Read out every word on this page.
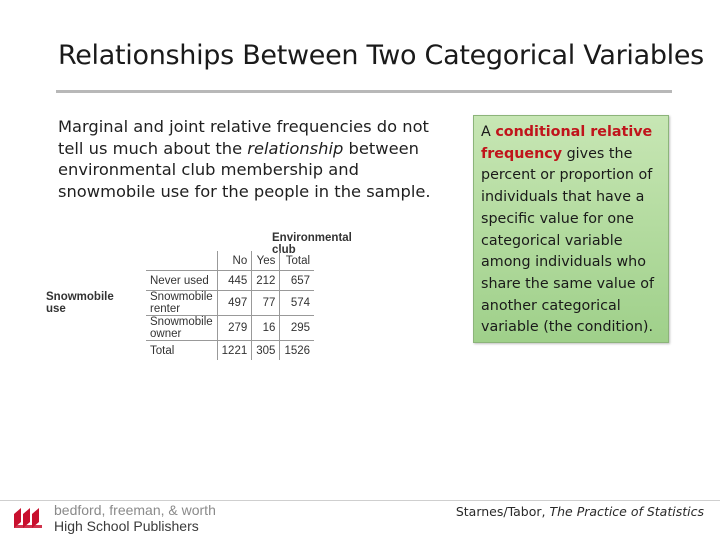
Relationships Between Two Categorical Variables
Marginal and joint relative frequencies do not tell us much about the relationship between environmental club membership and snowmobile use for the people in the sample.
A conditional relative frequency gives the percent or proportion of individuals that have a specific value for one categorical variable among individuals who share the same value of another categorical variable (the condition).
Environmental club
Snowmobile use
	No	Yes	Total
Never used	445	212	657
Snowmobile renter	497	77	574
Snowmobile owner	279	16	295
Total	1221	305	1526
bedford, freeman, & worth
High School Publishers
Starnes/Tabor, The Practice of Statistics
